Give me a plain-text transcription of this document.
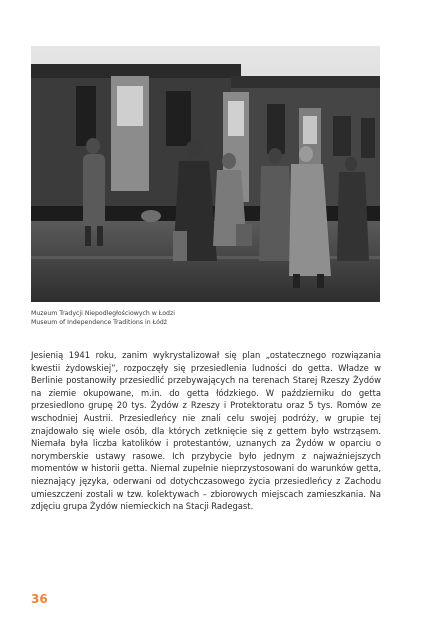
Muzeum Tradycji Niepodległościowych w Łodzi
Museum of Independence Traditions in Łódź
Jesienią 1941 roku, zanim wykrystalizował się plan „ostatecznego rozwiązania kwestii żydowskiej”, rozpoczęły się przesiedlenia ludności do getta. Władze w Berlinie postanowiły przesiedlić przebywających na terenach Starej Rzeszy Żydów na ziemie okupowane, m.in. do getta łódzkiego. W październiku do getta przesiedlono grupę 20 tys. Żydów z Rzeszy i Protektoratu oraz 5 tys. Romów ze wschodniej Austrii. Przesiedleńcy nie znali celu swojej podróży, w grupie tej znajdowało się wiele osób, dla których zetknięcie się z gettem było wstrząsem. Niemała była liczba katolików i protestantów, uznanych za Żydów w oparciu o norymberskie ustawy rasowe. Ich przybycie było jednym z najważniejszych momentów w historii getta. Niemal zupełnie nieprzystosowani do warunków getta, nieznający języka, oderwani od dotychczasowego życia przesiedleńcy z Zachodu umieszczeni zostali w tzw. kolektywach – zbiorowych miejscach zamieszkania. Na zdjęciu grupa Żydów niemieckich na Stacji Radegast.
36
